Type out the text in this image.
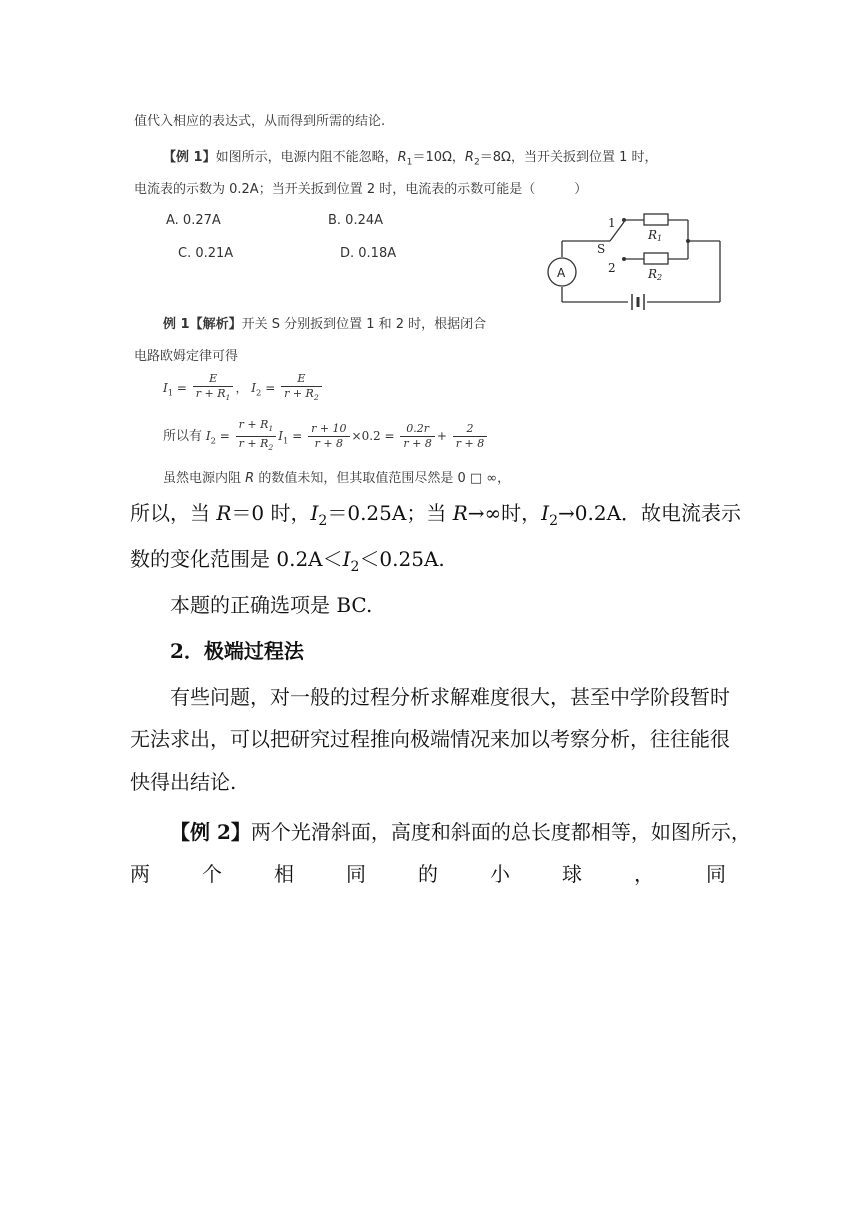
值代入相应的表达式，从而得到所需的结论.
【例 1】如图所示，电源内阻不能忽略，$R_1=10\Omega$，$R_2=8\Omega$，当开关扳到位置 1 时，
电流表的示数为 0.2A；当开关扳到位置 2 时，电流表的示数可能是（　　　）
A. 0.27A	B. 0.24A
C. 0.21A	D. 0.18A
1
S
2
R1
R2
A
例 1【解析】开关 S 分别扳到位置 1 和 2 时，根据闭合
电路欧姆定律可得
$I_1 = \frac{E}{r + R_1}$ ， $I_2 = \frac{E}{r + R_2}$
所以有 $I_2 = \frac{r + R_1}{r + R_2} I_1 = \frac{r + 10}{r + 8} \times 0.2 = \frac{0.2r}{r + 8} + \frac{2}{r + 8}$
虽然电源内阻 R 的数值未知，但其取值范围尽然是 0 □ ∞，
所以，当 R＝0 时，$I_2=0.25A$；当 R→∞时，$I_2\to 0.2A$．故电流表示
数的变化范围是 $0.2A<I_2<0.25A$.
本题的正确选项是 BC.
2．极端过程法
有些问题，对一般的过程分析求解难度很大，甚至中学阶段暂时
无法求出，可以把研究过程推向极端情况来加以考察分析，往往能很
快得出结论.
【例 2】两个光滑斜面，高度和斜面的总长度都相等，如图所示，
两	个	相	同	的	小	球	，	同
